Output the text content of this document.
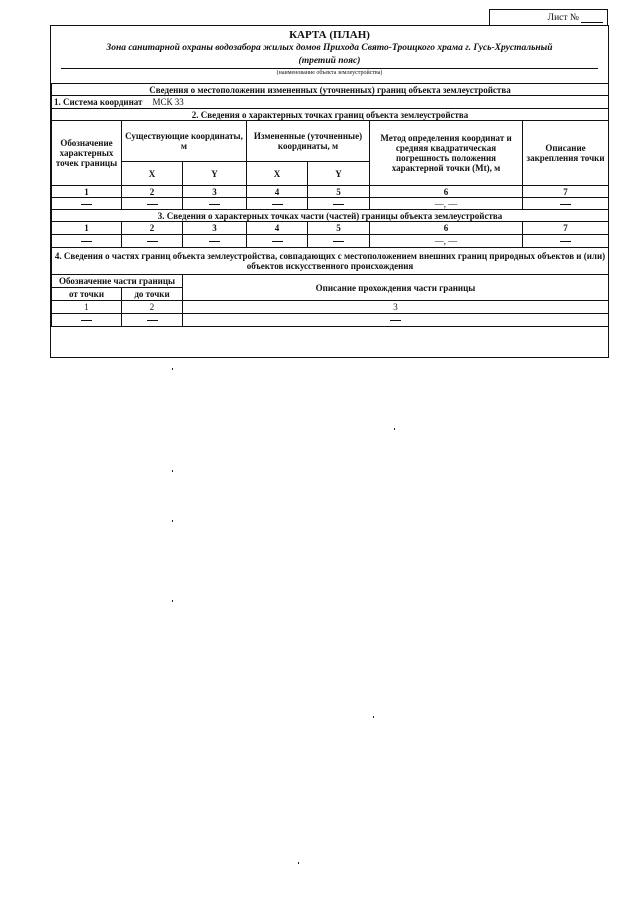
Лист №
КАРТА (ПЛАН)
Зона санитарной охраны водозабора жилых домов Прихода Свято-Троицкого храма г. Гусь-Хрустальный
(третий пояс)
(наименование объекта землеустройства)
Сведения о местоположении измененных (уточненных) границ объекта землеустройства						
1. Система координат МСК 33						
2. Сведения о характерных точках границ объекта землеустройства						
Обозначение характерных точек границы	Существующие координаты, м		Измененные (уточненные) координаты, м		Метод определения координат и средняя квадратическая погрешность положения характерной точки (Mt), м	Описание закрепления точки
	X	Y	X	Y		
1	2	3	4	5	6	7
					—, —	
3. Сведения о характерных точках части (частей) границы объекта землеустройства						
1	2	3	4	5	6	7
					—, —	
4. Сведения о частях границ объекта землеустройства, совпадающих с местоположением внешних границ природных объектов и (или) объектов искусственного происхождения						
Обозначение части границы		Описание прохождения части границы				
от точки	до точки					
1	2	3				
